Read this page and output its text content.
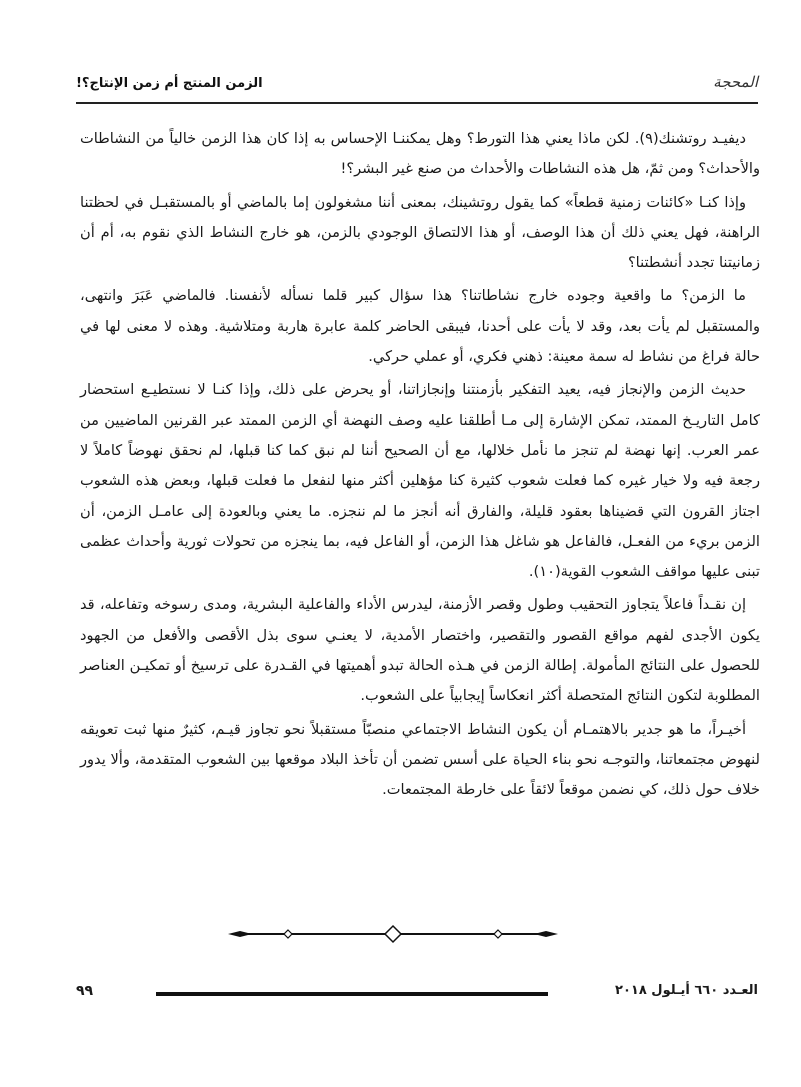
الزمن المنتج أم زمن الإنتاج؟!	المحجة

ديفيـد روتشنك(٩). لكن ماذا يعني هذا التورط؟ وهل يمكننـا الإحساس به إذا كان هذا الزمن خالياً من النشاطات والأحداث؟ ومن ثمّ، هل هذه النشاطات والأحداث من صنع غير البشر؟!

وإذا كنـا «كائنات زمنية قطعاً» كما يقول روتشينك، بمعنى أننا مشغولون إما بالماضي أو بالمستقبـل في لحظتنا الراهنة، فهل يعني ذلك أن هذا الوصف، أو هذا الالتصاق الوجودي بالزمن، هو خارج النشاط الذي نقوم به، أم أن زمانيتنا تجدد أنشطتنا؟

ما الزمن؟ ما واقعية وجوده خارج نشاطاتنا؟ هذا سؤال كبير قلما نسأله لأنفسنا. فالماضي عَبَرَ وانتهى، والمستقبل لم يأت بعد، وقد لا يأت على أحدنا، فيبقى الحاضر كلمة عابرة هاربة ومتلاشية. وهذه لا معنى لها في حالة فراغ من نشاط له سمة معينة: ذهني فكري، أو عملي حركي.

حديث الزمن والإنجاز فيه، يعيد التفكير بأزمنتنا وإنجازاتنا، أو يحرض على ذلك، وإذا كنـا لا نستطيـع استحضار كامل التاريـخ الممتد، تمكن الإشارة إلى مـا أطلقنا عليه وصف النهضة أي الزمن الممتد عبر القرنين الماضيين من عمر العرب. إنها نهضة لم تنجز ما نأمل خلالها، مع أن الصحيح أننا لم نبق كما كنا قبلها، لم نحقق نهوضاً كاملاً لا رجعة فيه ولا خيار غيره كما فعلت شعوب كثيرة كنا مؤهلين أكثر منها لنفعل ما فعلت قبلها، وبعض هذه الشعوب اجتاز القرون التي قضيناها بعقود قليلة، والفارق أنه أنجز ما لم ننجزه. ما يعني وبالعودة إلى عامـل الزمن، أن الزمن بريء من الفعـل، فالفاعل هو شاغل هذا الزمن، أو الفاعل فيه، بما ينجزه من تحولات ثورية وأحداث عظمى تبنى عليها مواقف الشعوب القوية(١٠).

إن نقـداً فاعلاً يتجاوز التحقيب وطول وقصر الأزمنة، ليدرس الأداء والفاعلية البشرية، ومدى رسوخه وتفاعله، قد يكون الأجدى لفهم مواقع القصور والتقصير، واختصار الأمدية، لا يعنـي سوى بذل الأقصى والأفعل من الجهود للحصول على النتائج المأمولة. إطالة الزمن في هـذه الحالة تبدو أهميتها في القـدرة على ترسيخ أو تمكيـن العناصر المطلوبة لتكون النتائج المتحصلة أكثر انعكاساً إيجابياً على الشعوب.

أخيـراً، ما هو جدير بالاهتمـام أن يكون النشاط الاجتماعي منصبّاً مستقبلاً نحو تجاوز قيـم، كثيرٌ منها ثبت تعويقه لنهوض مجتمعاتنا، والتوجـه نحو بناء الحياة على أسس تضمن أن تأخذ البلاد موقعها بين الشعوب المتقدمة، وألا يدور خلاف حول ذلك، كي نضمن موقعاً لائقاً على خارطة المجتمعات.

٩٩	العـدد ٦٦٠ أيـلول ٢٠١٨
